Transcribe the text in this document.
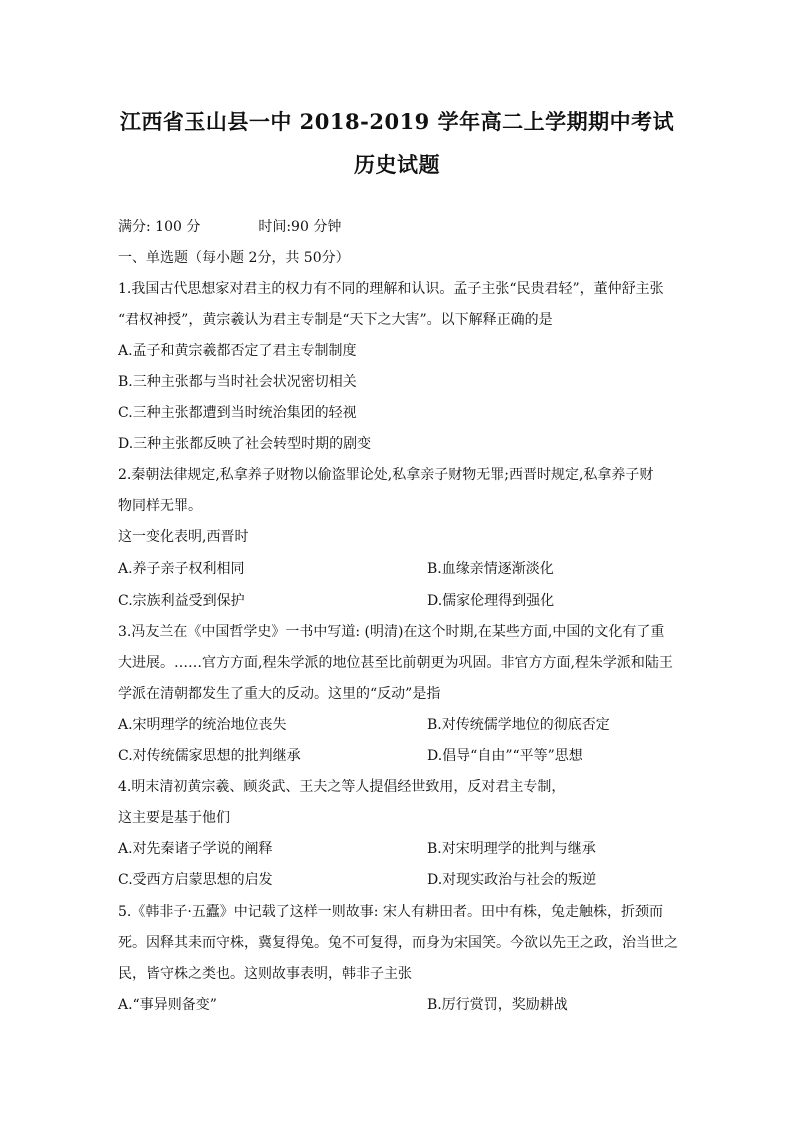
江西省玉山县一中 2018-2019 学年高二上学期期中考试
历史试题
满分: 100 分	时间:90 分钟
一、单选题（每小题 2分，共 50分）
1.我国古代思想家对君主的权力有不同的理解和认识。孟子主张“民贵君轻”，董仲舒主张
“君权神授”，黄宗羲认为君主专制是“天下之大害”。以下解释正确的是
A.孟子和黄宗羲都否定了君主专制制度
B.三种主张都与当时社会状况密切相关
C.三种主张都遭到当时统治集团的轻视
D.三种主张都反映了社会转型时期的剧变
2.秦朝法律规定,私拿养子财物以偷盗罪论处,私拿亲子财物无罪;西晋时规定,私拿养子财
物同样无罪。
这一变化表明,西晋时
A.养子亲子权利相同	B.血缘亲情逐渐淡化
C.宗族利益受到保护	D.儒家伦理得到强化
3.冯友兰在《中国哲学史》一书中写道: (明清)在这个时期,在某些方面,中国的文化有了重
大进展。……官方方面,程朱学派的地位甚至比前朝更为巩固。非官方方面,程朱学派和陆王
学派在清朝都发生了重大的反动。这里的“反动”是指
A.宋明理学的统治地位丧失	B.对传统儒学地位的彻底否定
C.对传统儒家思想的批判继承	D.倡导“自由”“平等”思想
4.明末清初黄宗羲、顾炎武、王夫之等人提倡经世致用，反对君主专制，
这主要是基于他们
A.对先秦诸子学说的阐释	B.对宋明理学的批判与继承
C.受西方启蒙思想的启发	D.对现实政治与社会的叛逆
5.《韩非子·五蠹》中记载了这样一则故事: 宋人有耕田者。田中有株，兔走触株，折颈而
死。因释其耒而守株，冀复得兔。兔不可复得，而身为宋国笑。今欲以先王之政，治当世之
民，皆守株之类也。这则故事表明，韩非子主张
A.“事异则备变”	B.厉行赏罚，奖励耕战
